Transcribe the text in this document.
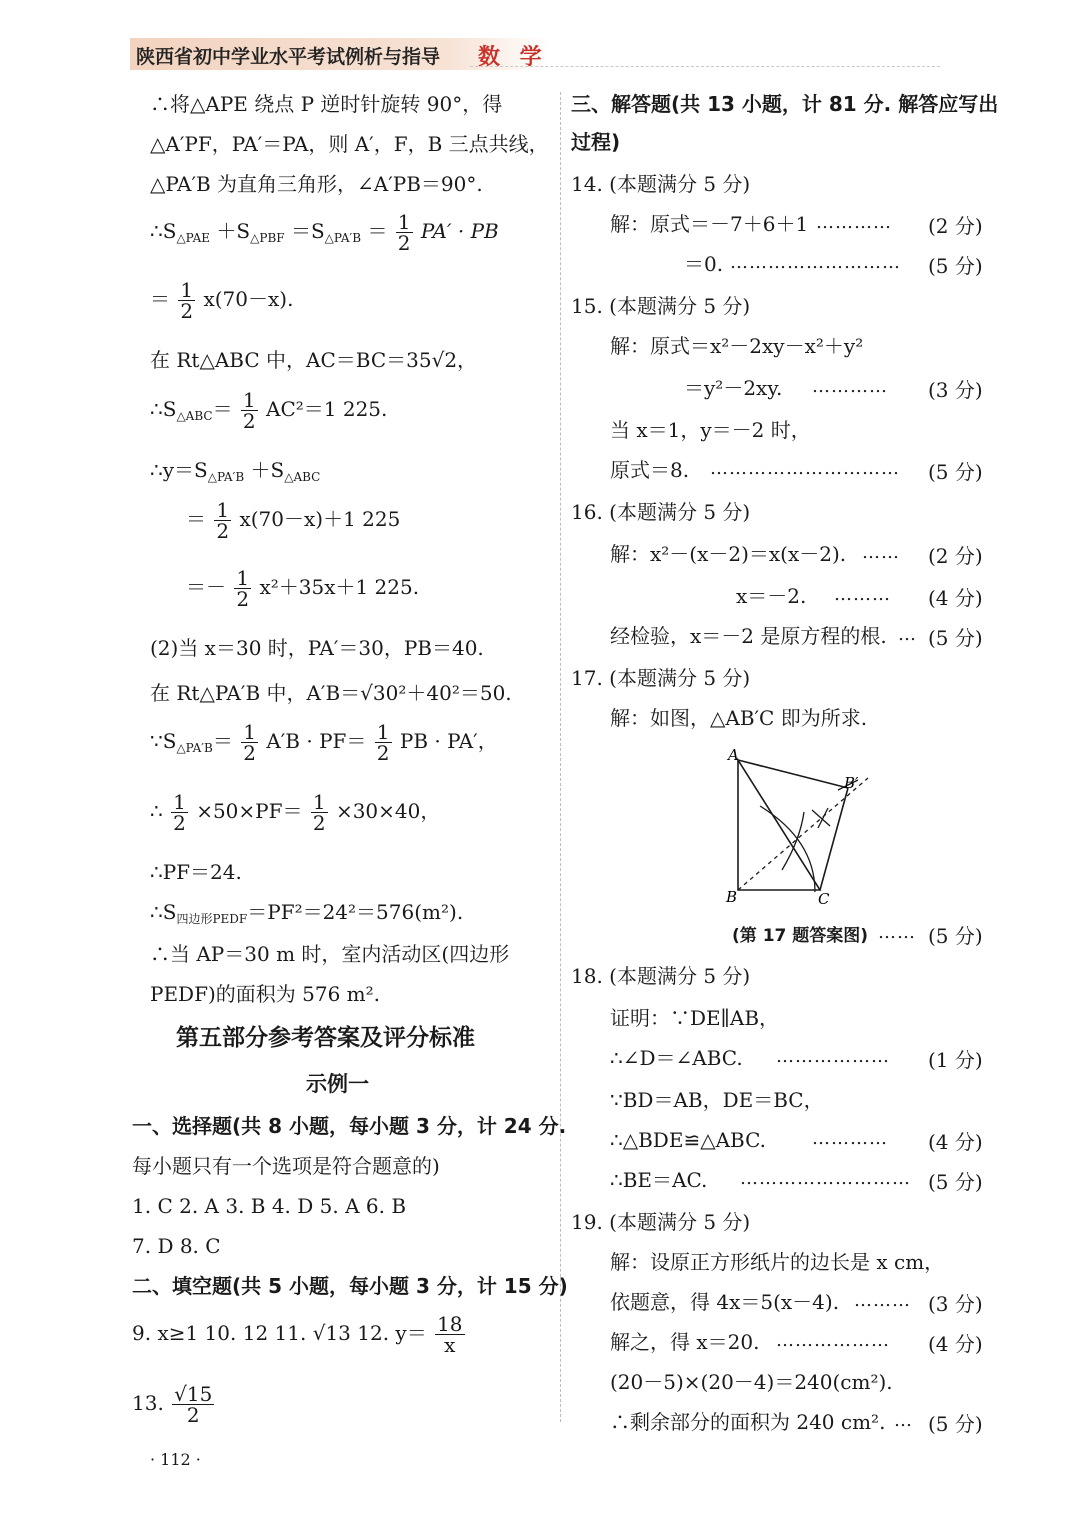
陕西省初中学业水平考试例析与指导 数 学
∴将△APE 绕点 P 逆时针旋转 90°，得
△A′PF，PA′＝PA，则 A′，F，B 三点共线，
△PA′B 为直角三角形，∠A′PB＝90°.
$\therefore S_{\triangle PAE} +S_{\triangle PBF} =S_{\triangle PA'B} = \frac{1}{2} PA'$ · PB
＝ $\frac{1}{2} x(70-x)$.
在 Rt△ABC 中，AC＝BC＝35√2，
$\therefore S_{\triangle ABC}= \frac{1}{2} AC^2=1$ 225.
$\therefore y=S_{\triangle PA'B} +S_{\triangle ABC}$
＝ $\frac{1}{2} x(70-x)+1$ 225
＝－ $\frac{1}{2} x^2+35x+1$ 225.
(2)当 x＝30 时，PA′＝30，PB＝40.
在 Rt△PA′B 中，A′B＝√30²＋40²＝50.
$\because S_{\triangle PA'B}= \frac{1}{2} A'B \cdot PF= \frac{1}{2}$ PB · PA′，
∴ $\frac{1}{2} \times 50\times PF= \frac{1}{2} \times 30\times 40$，
∴PF＝24.
$\therefore S_{四边形PEDF}=PF^2=24^2=576(m^2)$.
∴当 AP＝30 m 时，室内活动区(四边形
PEDF)的面积为 576 m².
第五部分参考答案及评分标准
示例一
一、选择题(共 8 小题，每小题 3 分，计 24 分.
每小题只有一个选项是符合题意的)
1. C 2. A 3. B 4. D 5. A 6. B
7. D 8. C
二、填空题(共 5 小题，每小题 3 分，计 15 分)
9. x≥1 10. 12 11. √13 12. $y= \frac{18}{x}$
13. $\frac{√15}{2}$
· 112 ·
三、解答题(共 13 小题，计 81 分. 解答应写出
过程)
14. (本题满分 5 分)
解：原式＝－7＋6＋1 ………… (2 分)
＝0. ……………………… (5 分)
15. (本题满分 5 分)
解：原式＝x²－2xy－x²＋y²
＝y²－2xy. ………… (3 分)
当 x＝1，y＝－2 时，
原式＝8. ………………………… (5 分)
16. (本题满分 5 分)
解：x²－(x－2)＝x(x－2). …… (2 分)
x＝－2. ……… (4 分)
经检验，x＝－2 是原方程的根. … (5 分)
17. (本题满分 5 分)
解：如图，△AB′C 即为所求.
A
B	C
B′
(第 17 题答案图) …… (5 分)
18. (本题满分 5 分)
证明：∵DE∥AB，
∴∠D＝∠ABC. ……………… (1 分)
∵BD＝AB，DE＝BC，
∴△BDE≌△ABC.	………… (4 分)
∴BE＝AC. ……………………… (5 分)
19. (本题满分 5 分)
解：设原正方形纸片的边长是 x cm，
依题意，得 4x＝5(x－4). ……… (3 分)
解之，得 x＝20. ……………… (4 分)
(20－5)×(20－4)＝240(cm²).
∴剩余部分的面积为 240 cm². … (5 分)
